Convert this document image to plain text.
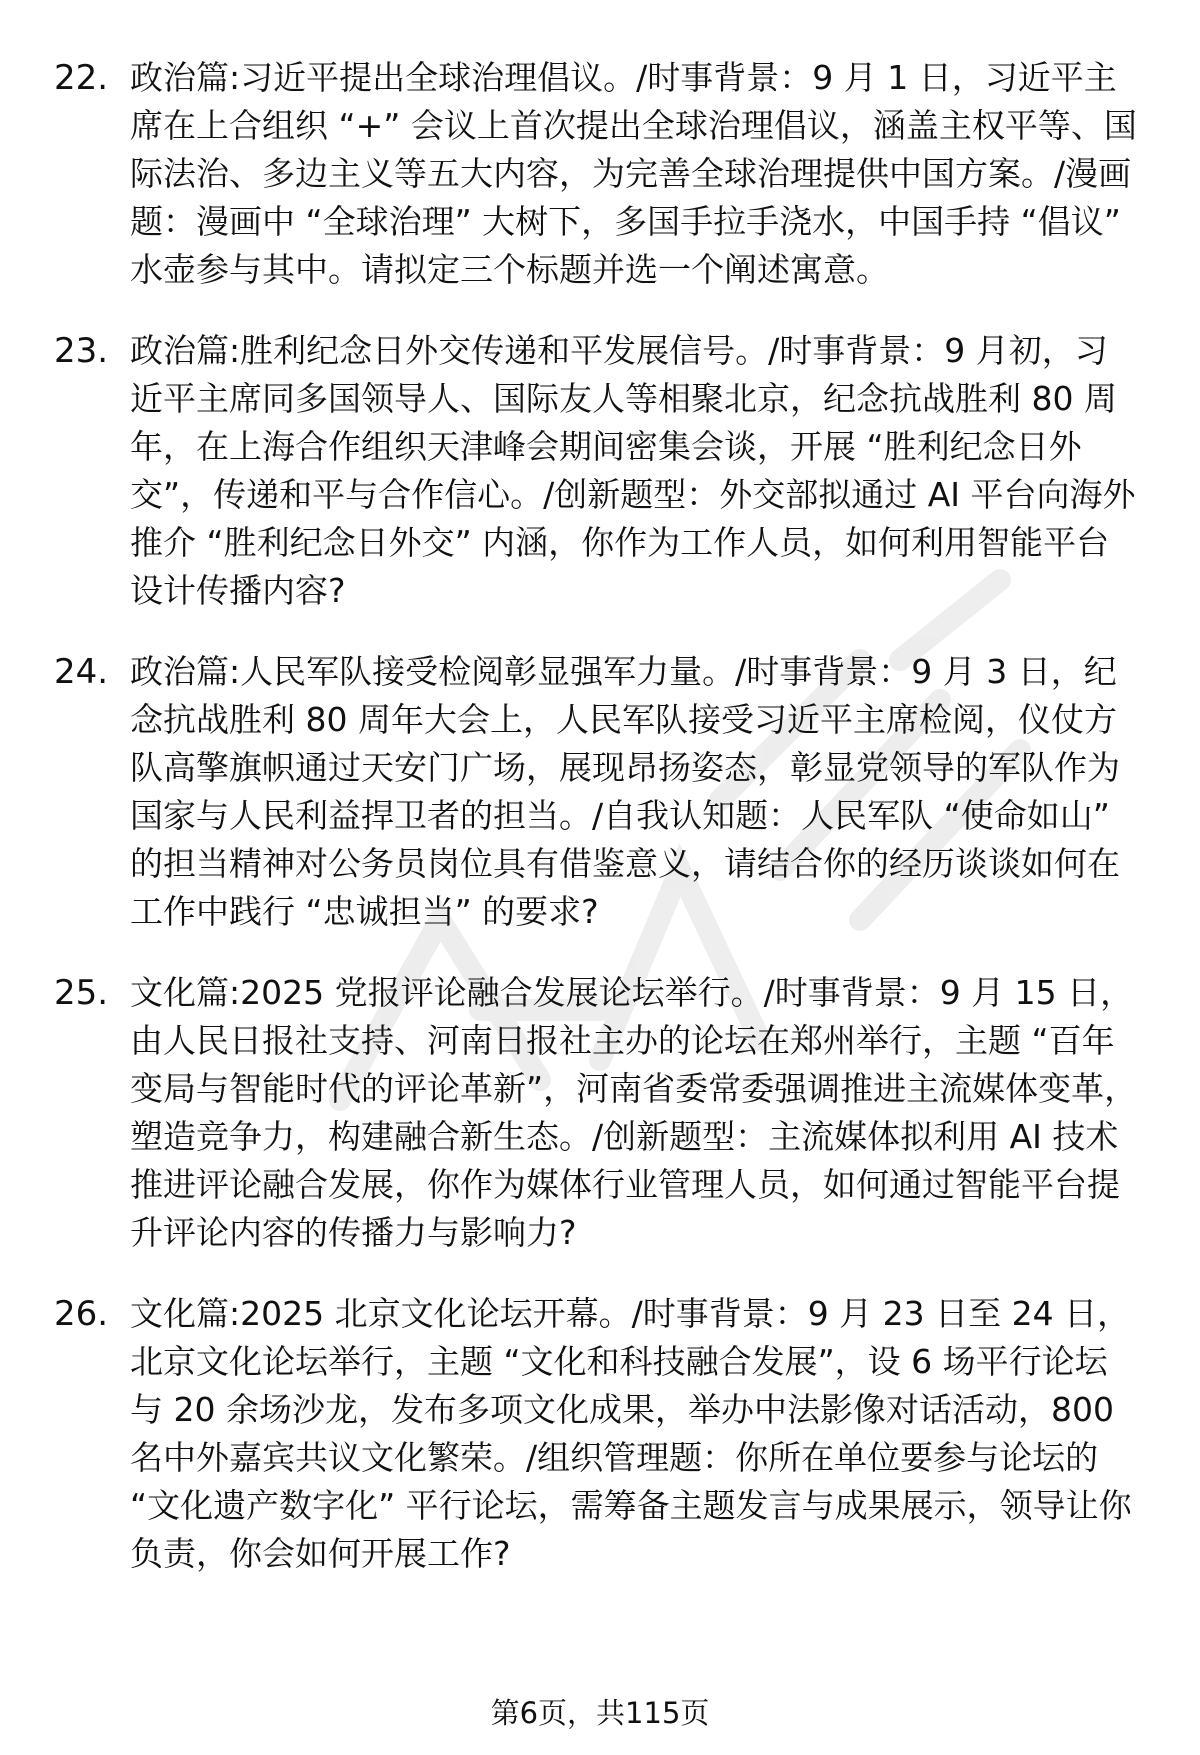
22. 政治篇:习近平提出全球治理倡议。/时事背景：9 月 1 日，习近平主席在上合组织 “+” 会议上首次提出全球治理倡议，涵盖主权平等、国际法治、多边主义等五大内容，为完善全球治理提供中国方案。/漫画题：漫画中 “全球治理” 大树下，多国手拉手浇水，中国手持 “倡议” 水壶参与其中。请拟定三个标题并选一个阐述寓意。
23. 政治篇:胜利纪念日外交传递和平发展信号。/时事背景：9 月初，习近平主席同多国领导人、国际友人等相聚北京，纪念抗战胜利 80 周年，在上海合作组织天津峰会期间密集会谈，开展 “胜利纪念日外交”，传递和平与合作信心。/创新题型：外交部拟通过 AI 平台向海外推介 “胜利纪念日外交” 内涵，你作为工作人员，如何利用智能平台设计传播内容?
24. 政治篇:人民军队接受检阅彰显强军力量。/时事背景：9 月 3 日，纪念抗战胜利 80 周年大会上，人民军队接受习近平主席检阅，仪仗方队高擎旗帜通过天安门广场，展现昂扬姿态，彰显党领导的军队作为国家与人民利益捍卫者的担当。/自我认知题：人民军队 “使命如山” 的担当精神对公务员岗位具有借鉴意义，请结合你的经历谈谈如何在工作中践行 “忠诚担当” 的要求?
25. 文化篇:2025 党报评论融合发展论坛举行。/时事背景：9 月 15 日，由人民日报社支持、河南日报社主办的论坛在郑州举行，主题 “百年变局与智能时代的评论革新”，河南省委常委强调推进主流媒体变革，塑造竞争力，构建融合新生态。/创新题型：主流媒体拟利用 AI 技术推进评论融合发展，你作为媒体行业管理人员，如何通过智能平台提升评论内容的传播力与影响力?
26. 文化篇:2025 北京文化论坛开幕。/时事背景：9 月 23 日至 24 日，北京文化论坛举行，主题 “文化和科技融合发展”，设 6 场平行论坛与 20 余场沙龙，发布多项文化成果，举办中法影像对话活动，800 名中外嘉宾共议文化繁荣。/组织管理题：你所在单位要参与论坛的 “文化遗产数字化” 平行论坛，需筹备主题发言与成果展示，领导让你负责，你会如何开展工作?
第6页，共115页
